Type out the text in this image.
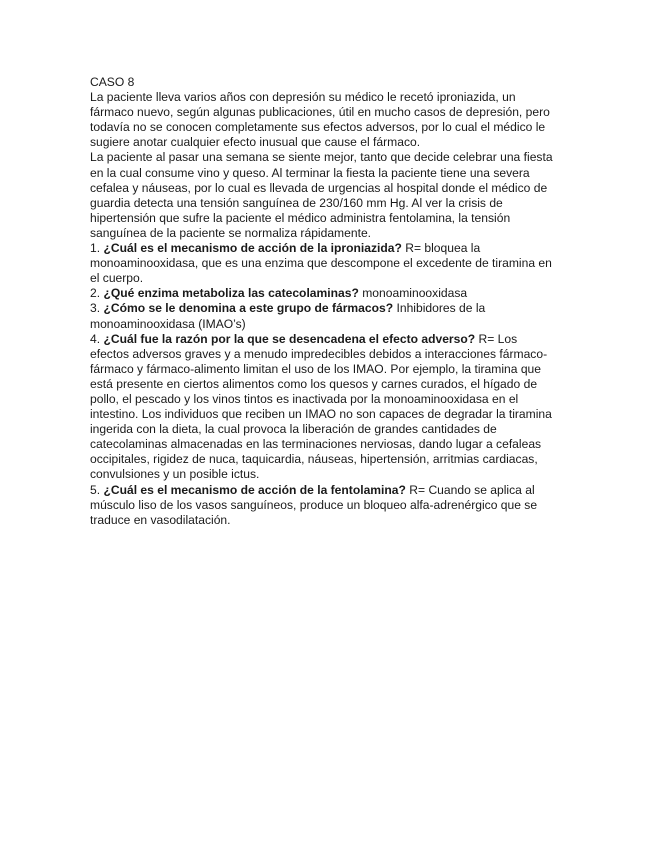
CASO 8
La paciente lleva varios años con depresión su médico le recetó iproniazida, un
fármaco nuevo, según algunas publicaciones, útil en mucho casos de depresión, pero
todavía no se conocen completamente sus efectos adversos, por lo cual el médico le
sugiere anotar cualquier efecto inusual que cause el fármaco.
La paciente al pasar una semana se siente mejor, tanto que decide celebrar una fiesta
en la cual consume vino y queso. Al terminar la fiesta la paciente tiene una severa
cefalea y náuseas, por lo cual es llevada de urgencias al hospital donde el médico de
guardia detecta una tensión sanguínea de 230/160 mm Hg. Al ver la crisis de
hipertensión que sufre la paciente el médico administra fentolamina, la tensión
sanguínea de la paciente se normaliza rápidamente.
1. ¿Cuál es el mecanismo de acción de la iproniazida? R= bloquea la
monoaminooxidasa, que es una enzima que descompone el excedente de tiramina en
el cuerpo.
2. ¿Qué enzima metaboliza las catecolaminas? monoaminooxidasa
3. ¿Cómo se le denomina a este grupo de fármacos? Inhibidores de la
monoaminooxidasa (IMAO’s)
4. ¿Cuál fue la razón por la que se desencadena el efecto adverso? R= Los
efectos adversos graves y a menudo impredecibles debidos a interacciones fármaco-
fármaco y fármaco-alimento limitan el uso de los IMAO. Por ejemplo, la tiramina que
está presente en ciertos alimentos como los quesos y carnes curados, el hígado de
pollo, el pescado y los vinos tintos es inactivada por la monoaminooxidasa en el
intestino. Los individuos que reciben un IMAO no son capaces de degradar la tiramina
ingerida con la dieta, la cual provoca la liberación de grandes cantidades de
catecolaminas almacenadas en las terminaciones nerviosas, dando lugar a cefaleas
occipitales, rigidez de nuca, taquicardia, náuseas, hipertensión, arritmias cardiacas,
convulsiones y un posible ictus.
5. ¿Cuál es el mecanismo de acción de la fentolamina? R= Cuando se aplica al
músculo liso de los vasos sanguíneos, produce un bloqueo alfa-adrenérgico que se
traduce en vasodilatación.
